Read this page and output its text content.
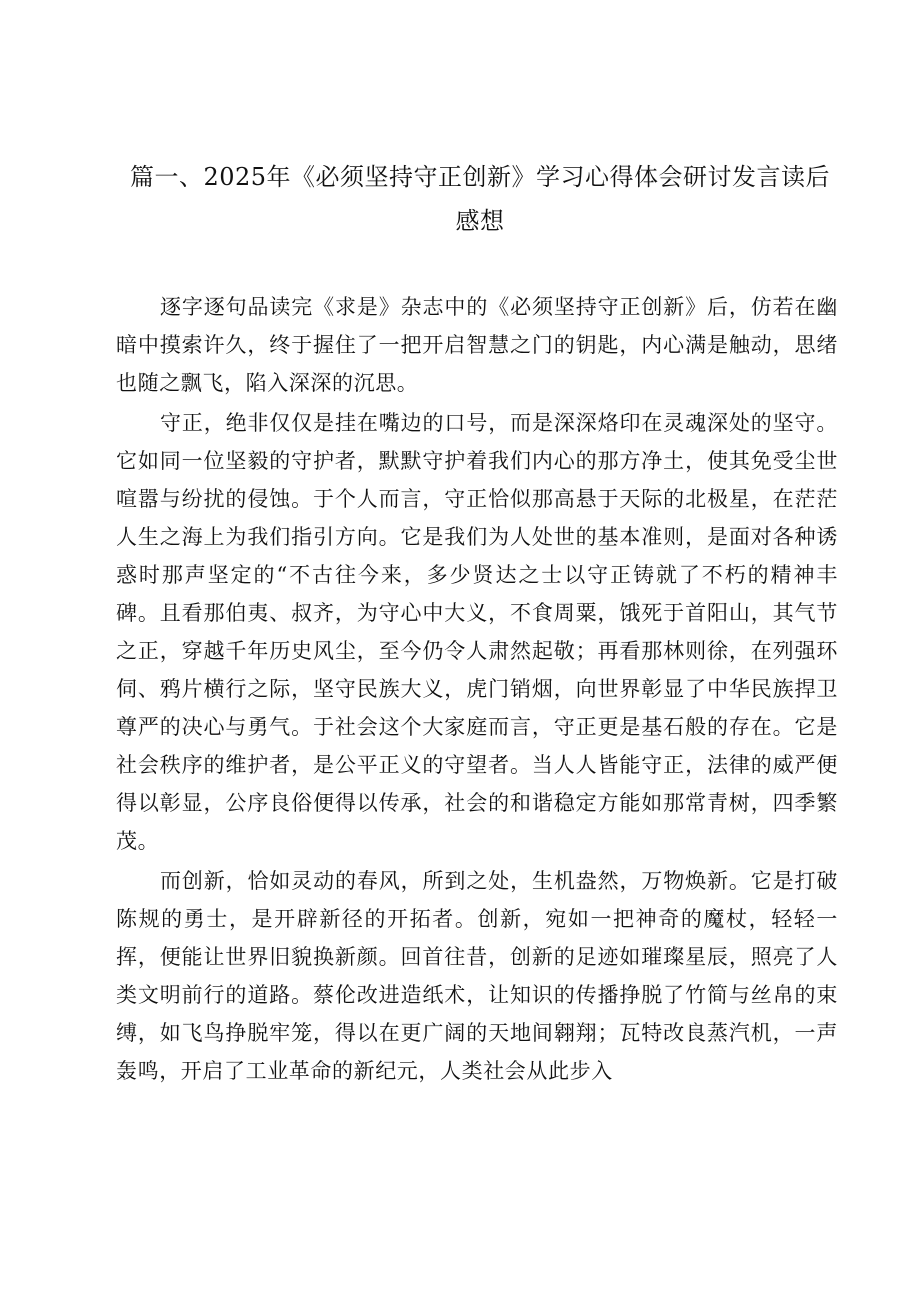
篇一、2025年《必须坚持守正创新》学习心得体会研讨发言读后感想

逐字逐句品读完《求是》杂志中的《必须坚持守正创新》后，仿若在幽暗中摸索许久，终于握住了一把开启智慧之门的钥匙，内心满是触动，思绪也随之飘飞，陷入深深的沉思。

守正，绝非仅仅是挂在嘴边的口号，而是深深烙印在灵魂深处的坚守。它如同一位坚毅的守护者，默默守护着我们内心的那方净土，使其免受尘世喧嚣与纷扰的侵蚀。于个人而言，守正恰似那高悬于天际的北极星，在茫茫人生之海上为我们指引方向。它是我们为人处世的基本准则，是面对各种诱惑时那声坚定的“不古往今来，多少贤达之士以守正铸就了不朽的精神丰碑。且看那伯夷、叔齐，为守心中大义，不食周粟，饿死于首阳山，其气节之正，穿越千年历史风尘，至今仍令人肃然起敬；再看那林则徐，在列强环伺、鸦片横行之际，坚守民族大义，虎门销烟，向世界彰显了中华民族捍卫尊严的决心与勇气。于社会这个大家庭而言，守正更是基石般的存在。它是社会秩序的维护者，是公平正义的守望者。当人人皆能守正，法律的威严便得以彰显，公序良俗便得以传承，社会的和谐稳定方能如那常青树，四季繁茂。

而创新，恰如灵动的春风，所到之处，生机盎然，万物焕新。它是打破陈规的勇士，是开辟新径的开拓者。创新，宛如一把神奇的魔杖，轻轻一挥，便能让世界旧貌换新颜。回首往昔，创新的足迹如璀璨星辰，照亮了人类文明前行的道路。蔡伦改进造纸术，让知识的传播挣脱了竹简与丝帛的束缚，如飞鸟挣脱牢笼，得以在更广阔的天地间翱翔；瓦特改良蒸汽机，一声轰鸣，开启了工业革命的新纪元，人类社会从此步入
